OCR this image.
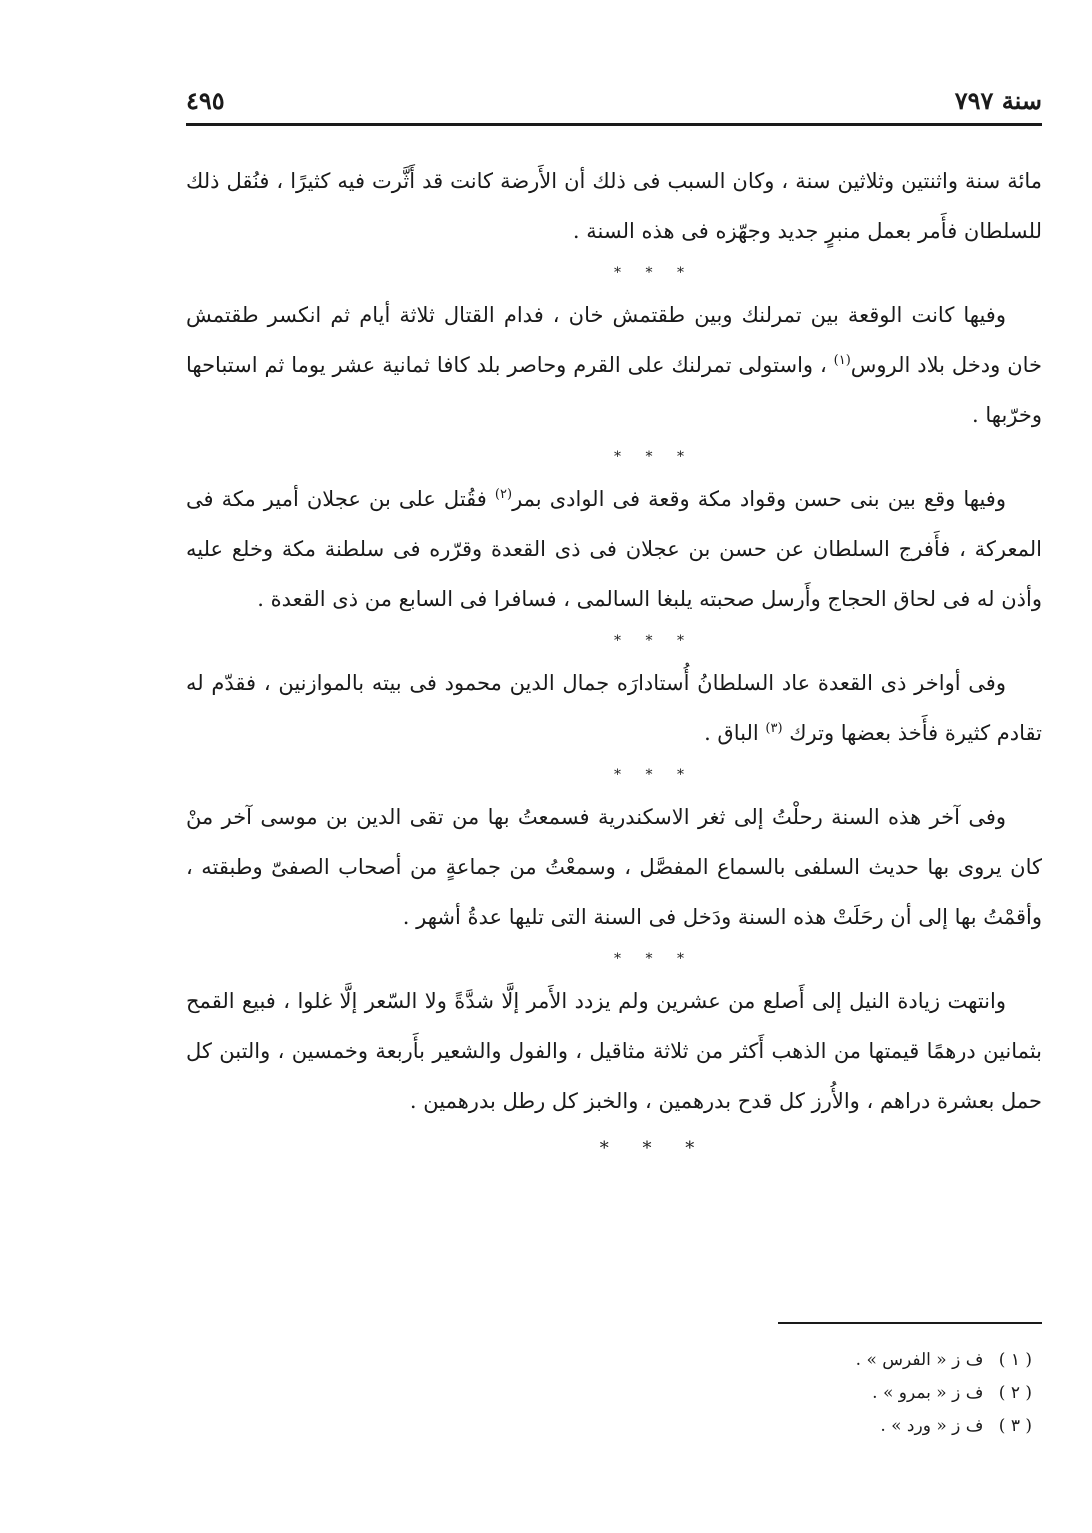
سنة ٧٩٧
٤٩٥

مائة سنة واثنتين وثلاثين سنة ، وكان السبب فى ذلك أن الأَرضة كانت قد أَثَّرت فيه كثيرًا ، فنُقل ذلك للسلطان فأَمر بعمل منبرٍ جديد وجهّزه فى هذه السنة .

* * *

وفيها كانت الوقعة بين تمرلنك وبين طقتمش خان ، فدام القتال ثلاثة أيام ثم انكسر طقتمش خان ودخل بلاد الروس$^{(١)}$ ، واستولى تمرلنك على القرم وحاصر بلد كافا ثمانية عشر يوما ثم استباحها وخرّبها .

* * *

وفيها وقع بين بنى حسن وقواد مكة وقعة فى الوادى بمر$^{(٢)}$ فقُتل على بن عجلان أمير مكة فى المعركة ، فأَفرج السلطان عن حسن بن عجلان فى ذى القعدة وقرّره فى سلطنة مكة وخلع عليه وأذن له فى لحاق الحجاج وأَرسل صحبته يلبغا السالمى ، فسافرا فى السابع من ذى القعدة .

* * *

وفى أواخر ذى القعدة عاد السلطانُ أُستادارَه جمال الدين محمود فى بيته بالموازنين ، فقدّم له تقادم كثيرة فأَخذ بعضها وترك $^{(٣)}$ الباق .

* * *

وفى آخر هذه السنة رحلْتُ إلى ثغر الاسكندرية فسمعتُ بها من تقى الدين بن موسى آخر منْ كان يروى بها حديث السلفى بالسماع المفصَّل ، وسمعْتُ من جماعةٍ من أصحاب الصفىّ وطبقته ، وأقمْتُ بها إلى أن رحَلَتْ هذه السنة ودَخل فى السنة التى تليها عدةُ أشهر .

* * *

وانتهت زيادة النيل إلى أَصلع من عشرين ولم يزدد الأَمر إلَّا شدَّةً ولا السّعر إلَّا غلوا ، فبيع القمح بثمانين درهمًا قيمتها من الذهب أَكثر من ثلاثة مثاقيل ، والفول والشعير بأَربعة وخمسين ، والتبن كل حمل بعشرة دراهم ، والأُرز كل قدح بدرهمين ، والخبز كل رطل بدرهمين .

* * *
( ١ ) ف ز « الفرس » .
( ٢ ) ف ز « بمرو » .
( ٣ ) ف ز « ورد » .
